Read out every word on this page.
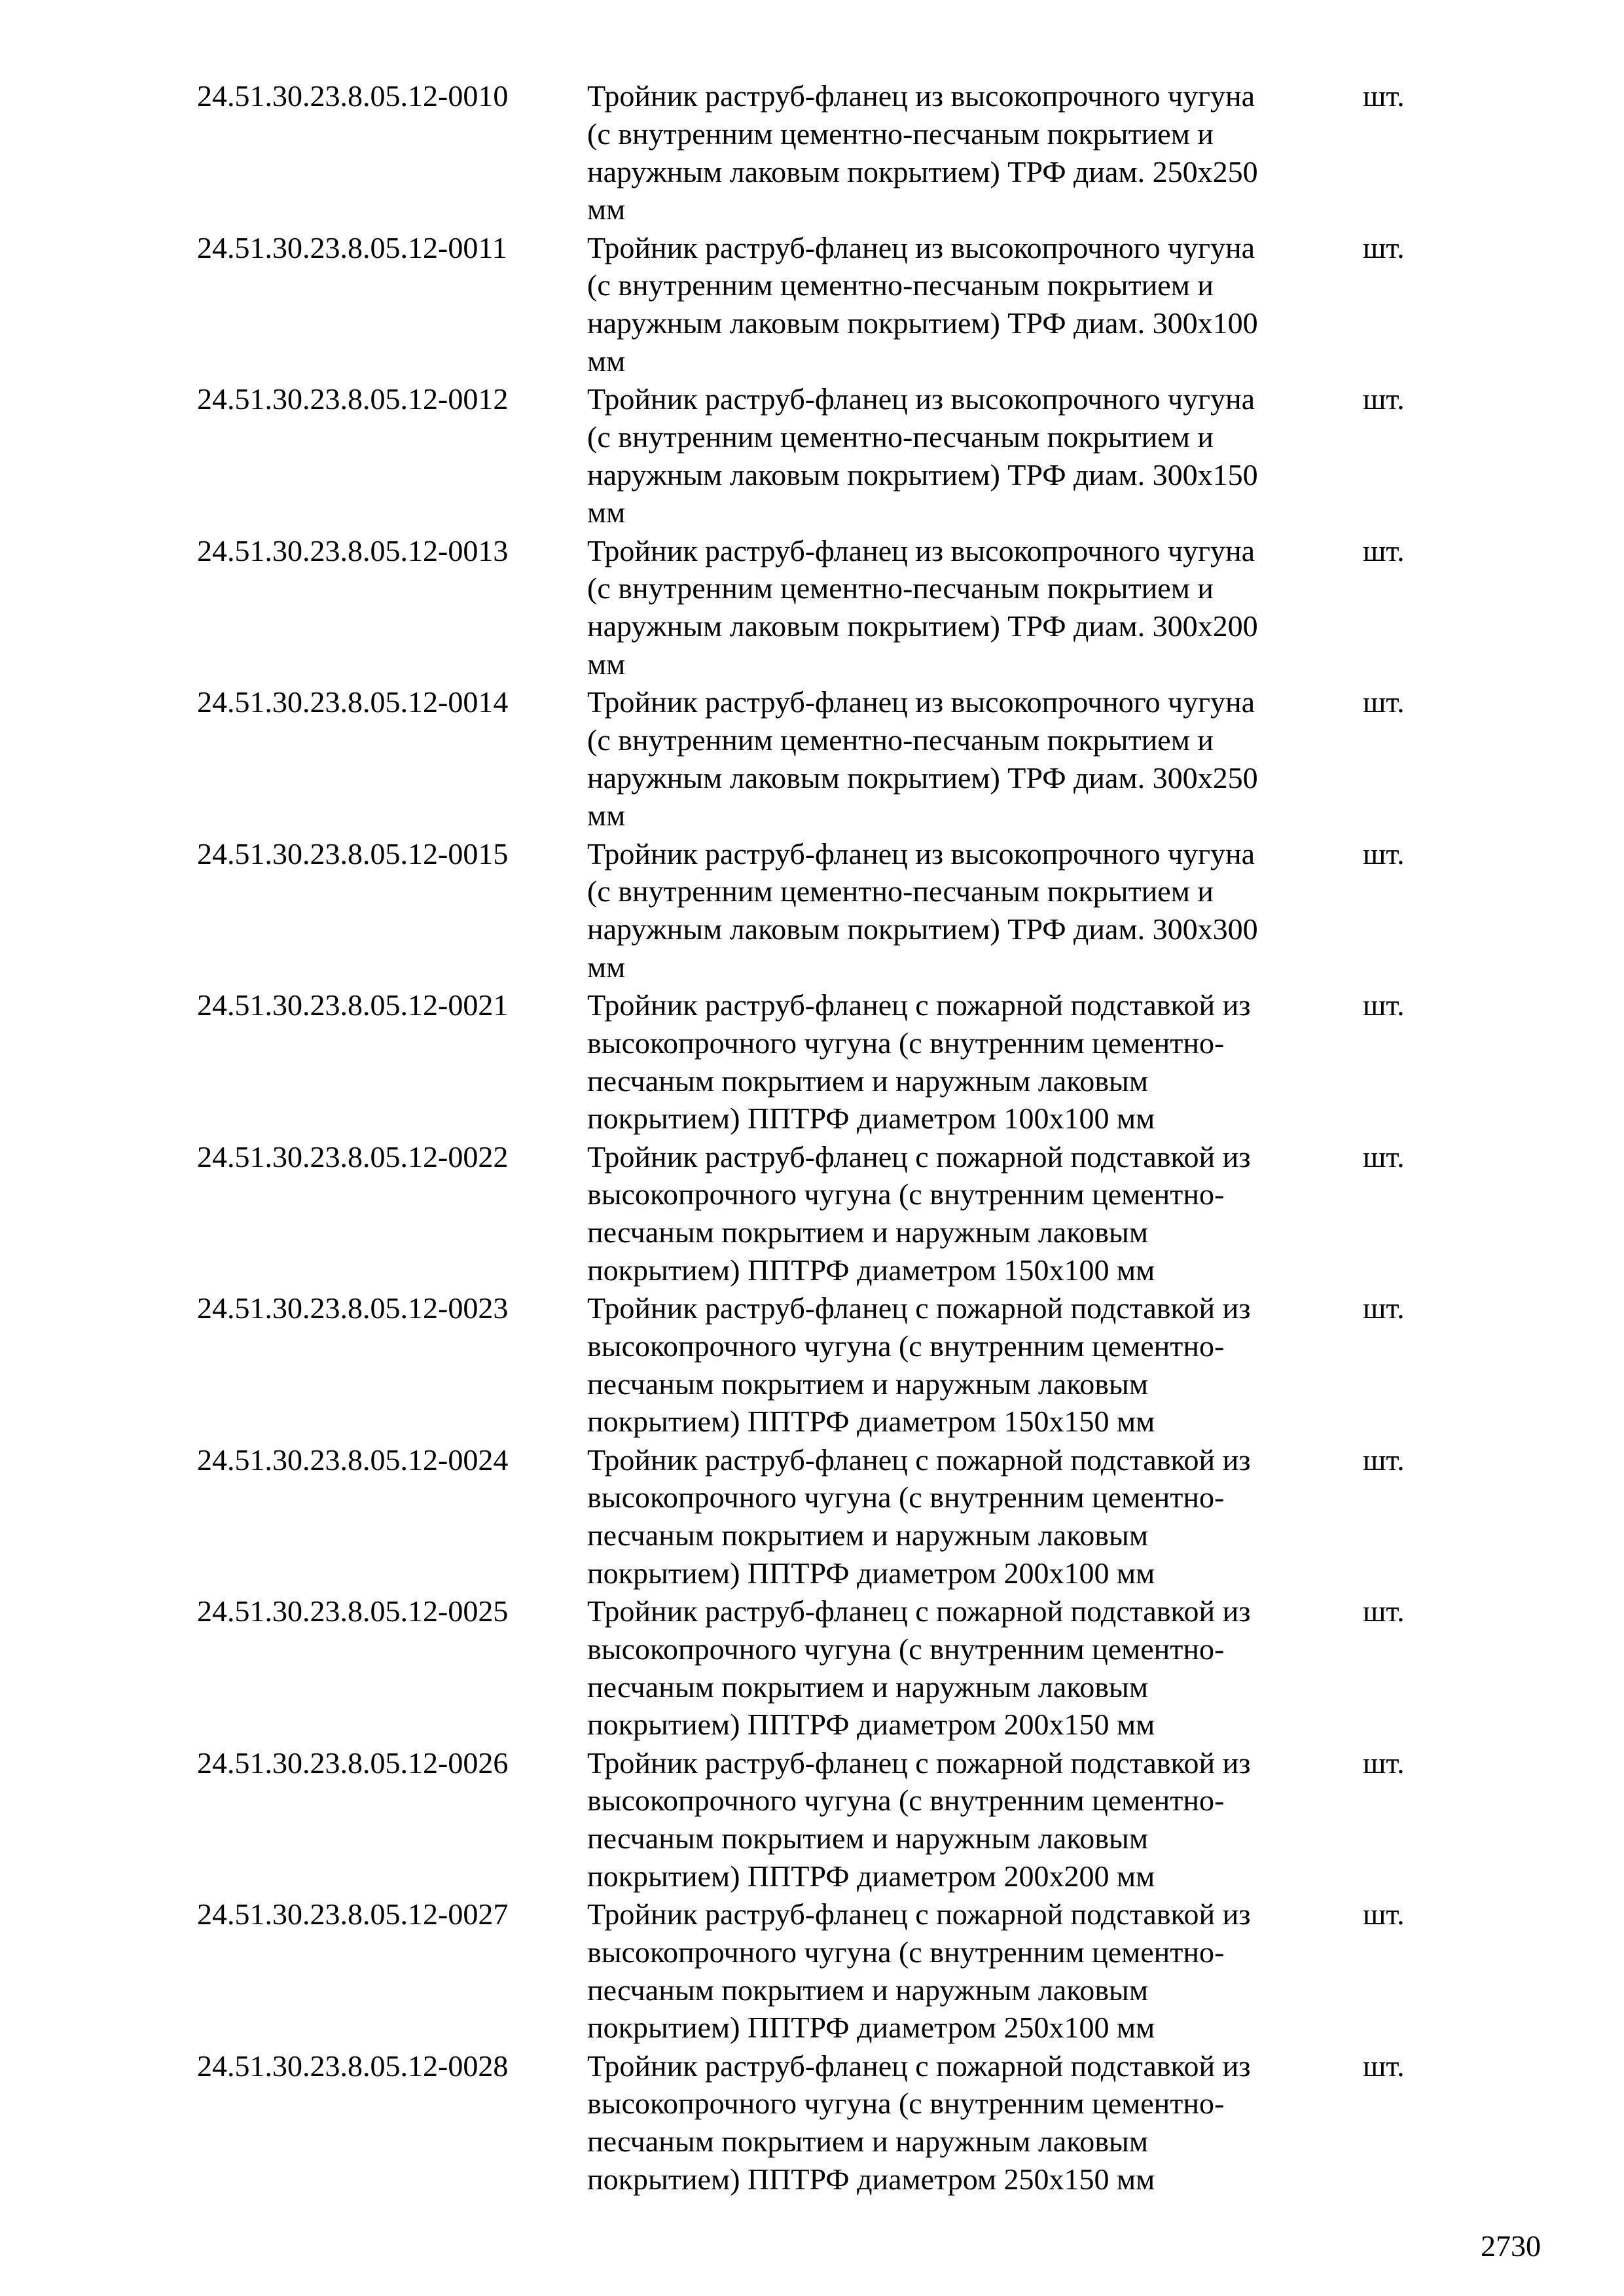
24.51.30.23.8.05.12-0010	Тройник раструб-фланец из высокопрочного чугуна
(с внутренним цементно-песчаным покрытием и
наружным лаковым покрытием) ТРФ диам. 250х250
мм
шт.
24.51.30.23.8.05.12-0011	Тройник раструб-фланец из высокопрочного чугуна
(с внутренним цементно-песчаным покрытием и
наружным лаковым покрытием) ТРФ диам. 300х100
мм
шт.
24.51.30.23.8.05.12-0012	Тройник раструб-фланец из высокопрочного чугуна
(с внутренним цементно-песчаным покрытием и
наружным лаковым покрытием) ТРФ диам. 300х150
мм
шт.
24.51.30.23.8.05.12-0013	Тройник раструб-фланец из высокопрочного чугуна
(с внутренним цементно-песчаным покрытием и
наружным лаковым покрытием) ТРФ диам. 300х200
мм
шт.
24.51.30.23.8.05.12-0014	Тройник раструб-фланец из высокопрочного чугуна
(с внутренним цементно-песчаным покрытием и
наружным лаковым покрытием) ТРФ диам. 300х250
мм
шт.
24.51.30.23.8.05.12-0015	Тройник раструб-фланец из высокопрочного чугуна
(с внутренним цементно-песчаным покрытием и
наружным лаковым покрытием) ТРФ диам. 300х300
мм
шт.
24.51.30.23.8.05.12-0021	Тройник раструб-фланец с пожарной подставкой из
высокопрочного чугуна (с внутренним цементно-
песчаным покрытием и наружным лаковым
покрытием) ППТРФ диаметром 100х100 мм
шт.
24.51.30.23.8.05.12-0022	Тройник раструб-фланец с пожарной подставкой из
высокопрочного чугуна (с внутренним цементно-
песчаным покрытием и наружным лаковым
покрытием) ППТРФ диаметром 150х100 мм
шт.
24.51.30.23.8.05.12-0023	Тройник раструб-фланец с пожарной подставкой из
высокопрочного чугуна (с внутренним цементно-
песчаным покрытием и наружным лаковым
покрытием) ППТРФ диаметром 150х150 мм
шт.
24.51.30.23.8.05.12-0024	Тройник раструб-фланец с пожарной подставкой из
высокопрочного чугуна (с внутренним цементно-
песчаным покрытием и наружным лаковым
покрытием) ППТРФ диаметром 200х100 мм
шт.
24.51.30.23.8.05.12-0025	Тройник раструб-фланец с пожарной подставкой из
высокопрочного чугуна (с внутренним цементно-
песчаным покрытием и наружным лаковым
покрытием) ППТРФ диаметром 200х150 мм
шт.
24.51.30.23.8.05.12-0026	Тройник раструб-фланец с пожарной подставкой из
высокопрочного чугуна (с внутренним цементно-
песчаным покрытием и наружным лаковым
покрытием) ППТРФ диаметром 200х200 мм
шт.
24.51.30.23.8.05.12-0027	Тройник раструб-фланец с пожарной подставкой из
высокопрочного чугуна (с внутренним цементно-
песчаным покрытием и наружным лаковым
покрытием) ППТРФ диаметром 250х100 мм
шт.
24.51.30.23.8.05.12-0028	Тройник раструб-фланец с пожарной подставкой из
высокопрочного чугуна (с внутренним цементно-
песчаным покрытием и наружным лаковым
покрытием) ППТРФ диаметром 250х150 мм
шт.
2730
